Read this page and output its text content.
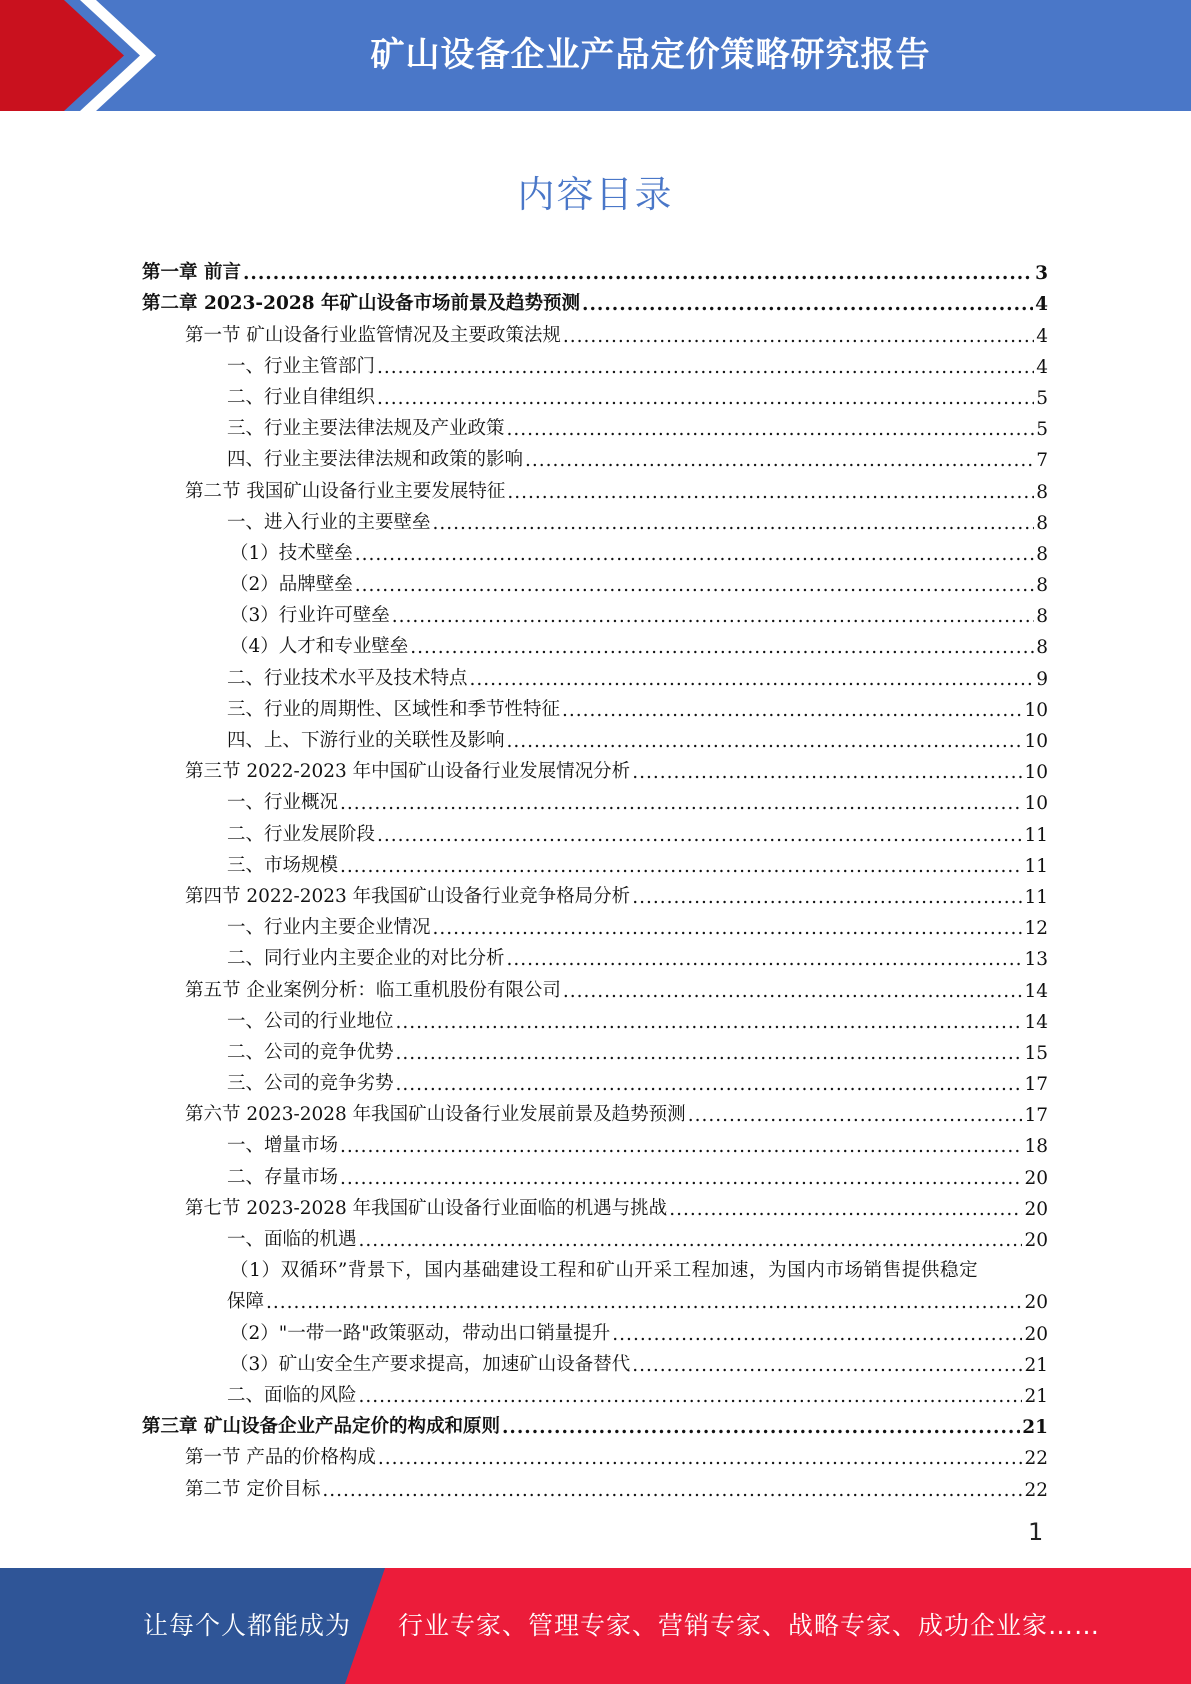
矿山设备企业产品定价策略研究报告
内容目录
第一章 前言 .....	3
第二章 2023-2028 年矿山设备市场前景及趋势预测 .....	4
第一节 矿山设备行业监管情况及主要政策法规 .....	4
一、行业主管部门 .....	4
二、行业自律组织 .....	5
三、行业主要法律法规及产业政策 .....	5
四、行业主要法律法规和政策的影响 .....	7
第二节 我国矿山设备行业主要发展特征 .....	8
一、进入行业的主要壁垒 .....	8
（1）技术壁垒 .....	8
（2）品牌壁垒 .....	8
（3）行业许可壁垒 .....	8
（4）人才和专业壁垒 .....	8
二、行业技术水平及技术特点 .....	9
三、行业的周期性、区域性和季节性特征 .....	10
四、上、下游行业的关联性及影响 .....	10
第三节 2022-2023 年中国矿山设备行业发展情况分析 .....	10
一、行业概况 .....	10
二、行业发展阶段 .....	11
三、市场规模 .....	11
第四节 2022-2023 年我国矿山设备行业竞争格局分析 .....	11
一、行业内主要企业情况 .....	12
二、同行业内主要企业的对比分析 .....	13
第五节 企业案例分析：临工重机股份有限公司 .....	14
一、公司的行业地位 .....	14
二、公司的竞争优势 .....	15
三、公司的竞争劣势 .....	17
第六节 2023-2028 年我国矿山设备行业发展前景及趋势预测 .....	17
一、增量市场 .....	18
二、存量市场 .....	20
第七节 2023-2028 年我国矿山设备行业面临的机遇与挑战 .....	20
一、面临的机遇 .....	20
（1）双循环”背景下，国内基础建设工程和矿山开采工程加速，为国内市场销售提供稳定
保障 .....	20
（2）"一带一路"政策驱动，带动出口销量提升 .....	20
（3）矿山安全生产要求提高，加速矿山设备替代 .....	21
二、面临的风险 .....	21
第三章 矿山设备企业产品定价的构成和原则 .....	21
第一节 产品的价格构成 .....	22
第二节 定价目标 .....	22
1
让每个人都能成为 行业专家、管理专家、营销专家、战略专家、成功企业家……
